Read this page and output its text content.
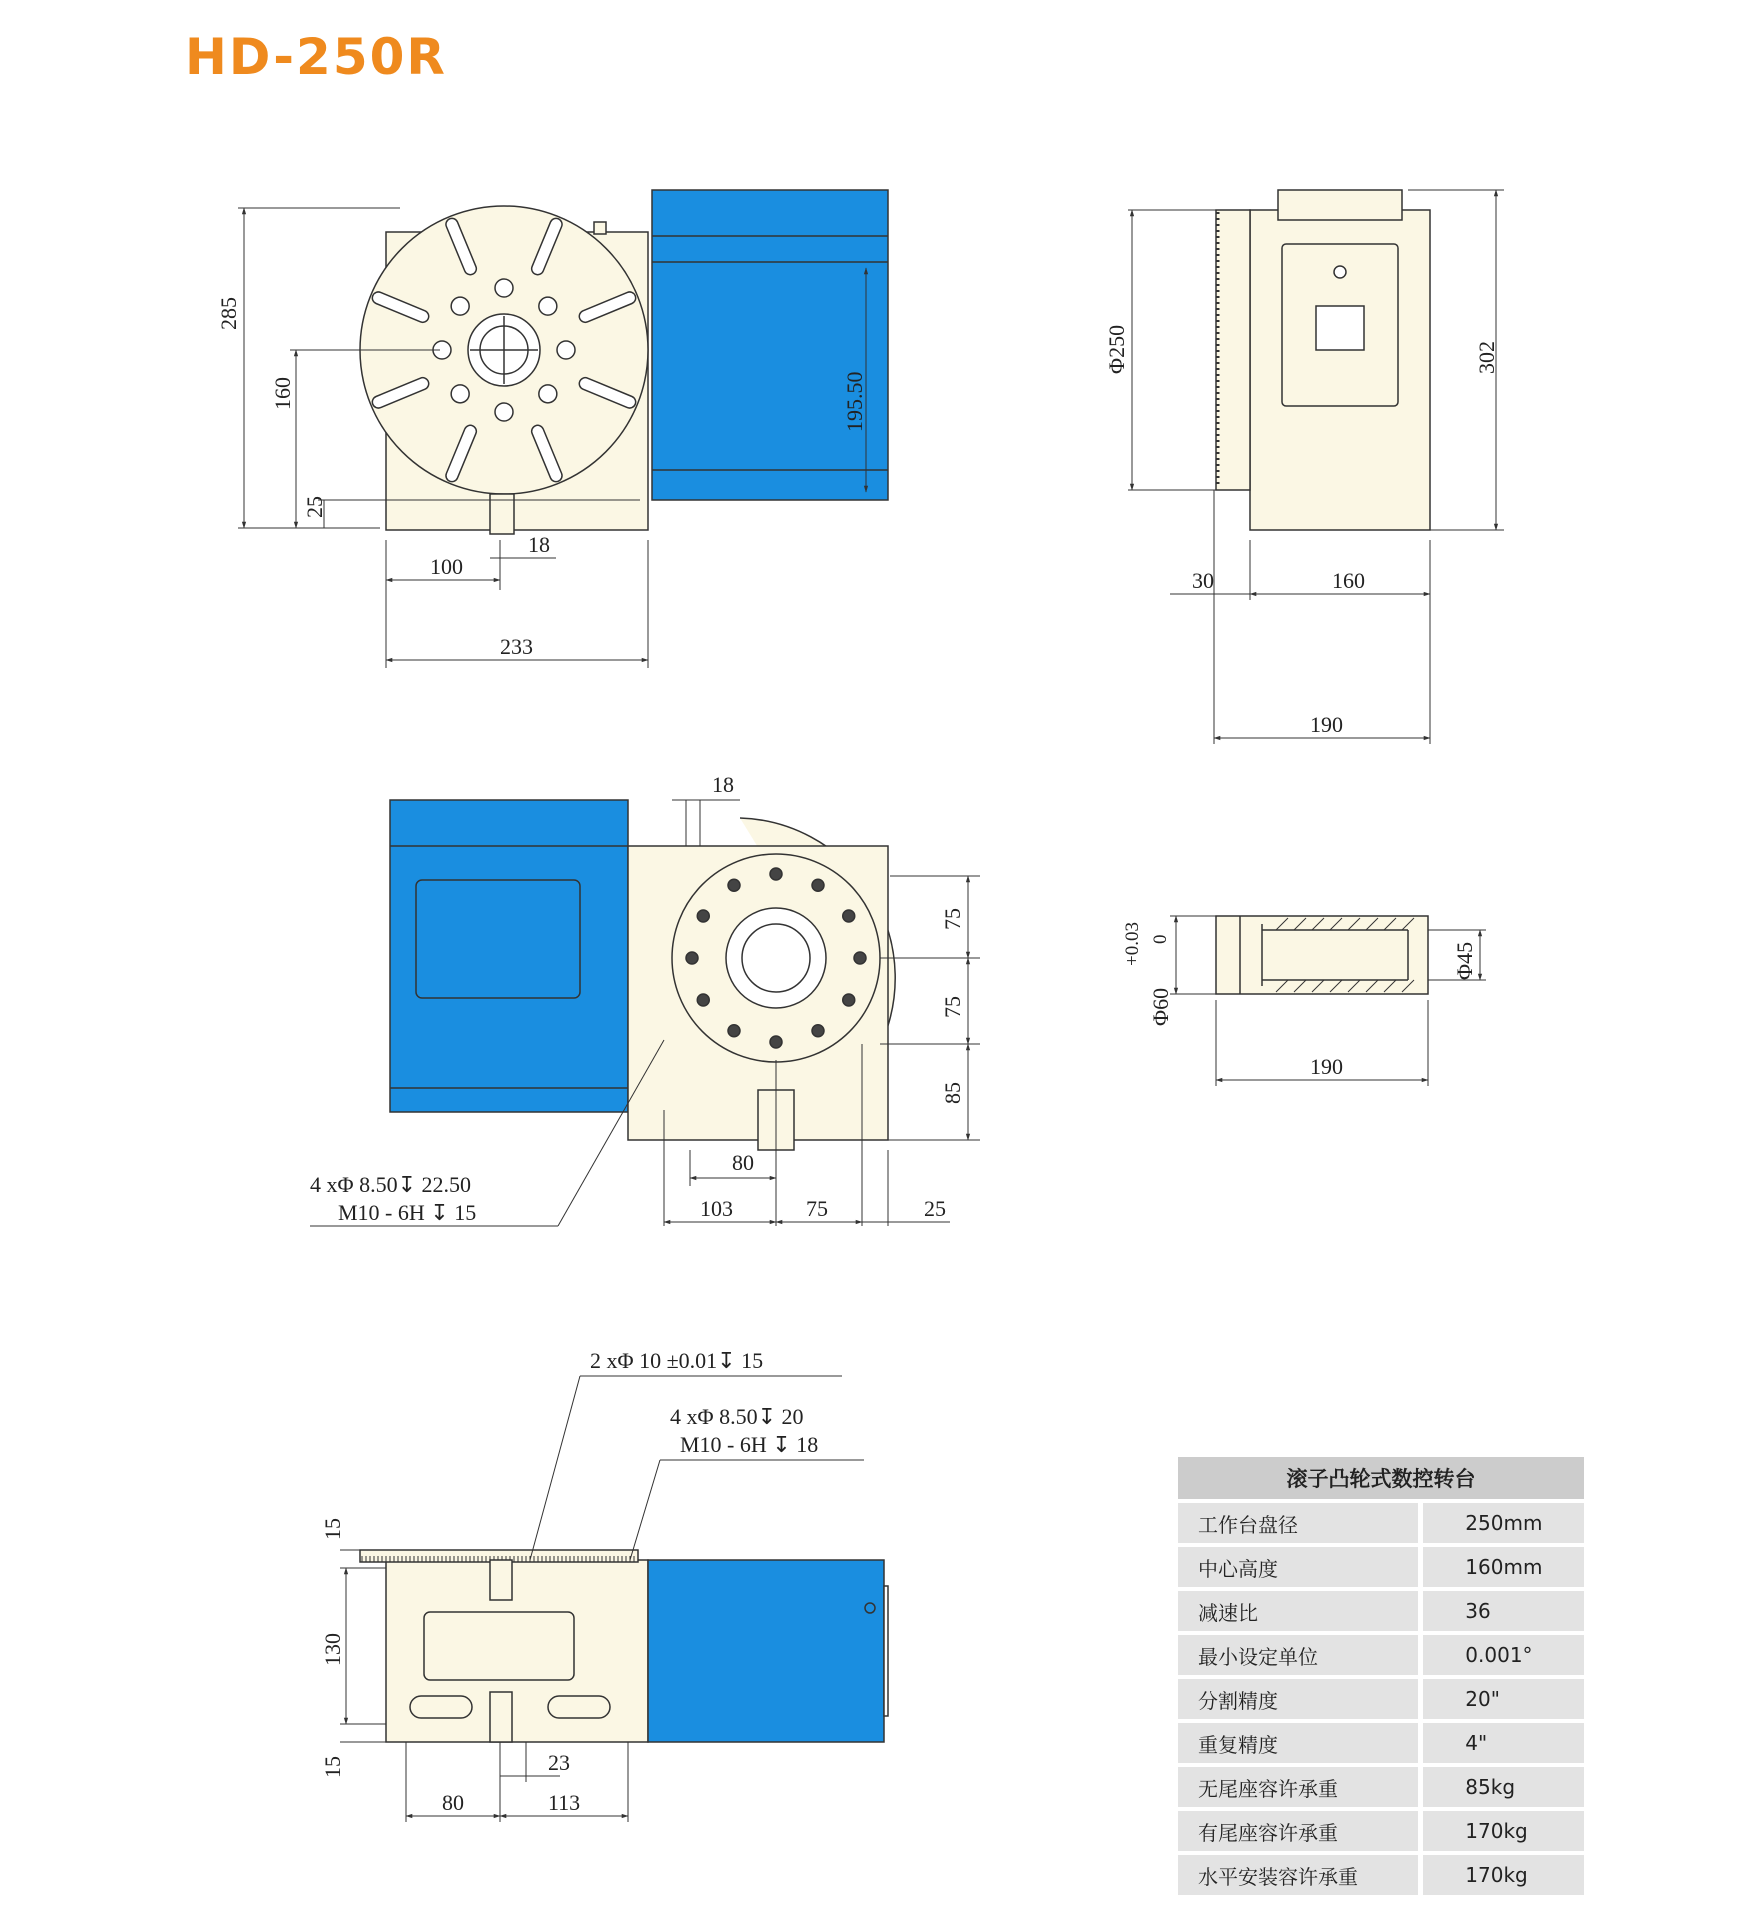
HD-250R
285
160
25
195.50
100
18
233
Φ250	302
30	160
190
18
75
75
85
80
103	75	25
4 xΦ 8.50↧ 22.50
M10 - 6H ↧ 15
Φ60
+0.03 0
Φ45
190
15
130
15	23
80	113
2 xΦ 10 ±0.01↧ 15
4 xΦ 8.50↧ 20
M10 - 6H ↧ 18
滚子凸轮式数控转台	
工作台盘径	250mm
中心高度	160mm
减速比	36
最小设定单位	0.001°
分割精度	20"
重复精度	4"
无尾座容许承重	85kg
有尾座容许承重	170kg
水平安装容许承重	170kg
